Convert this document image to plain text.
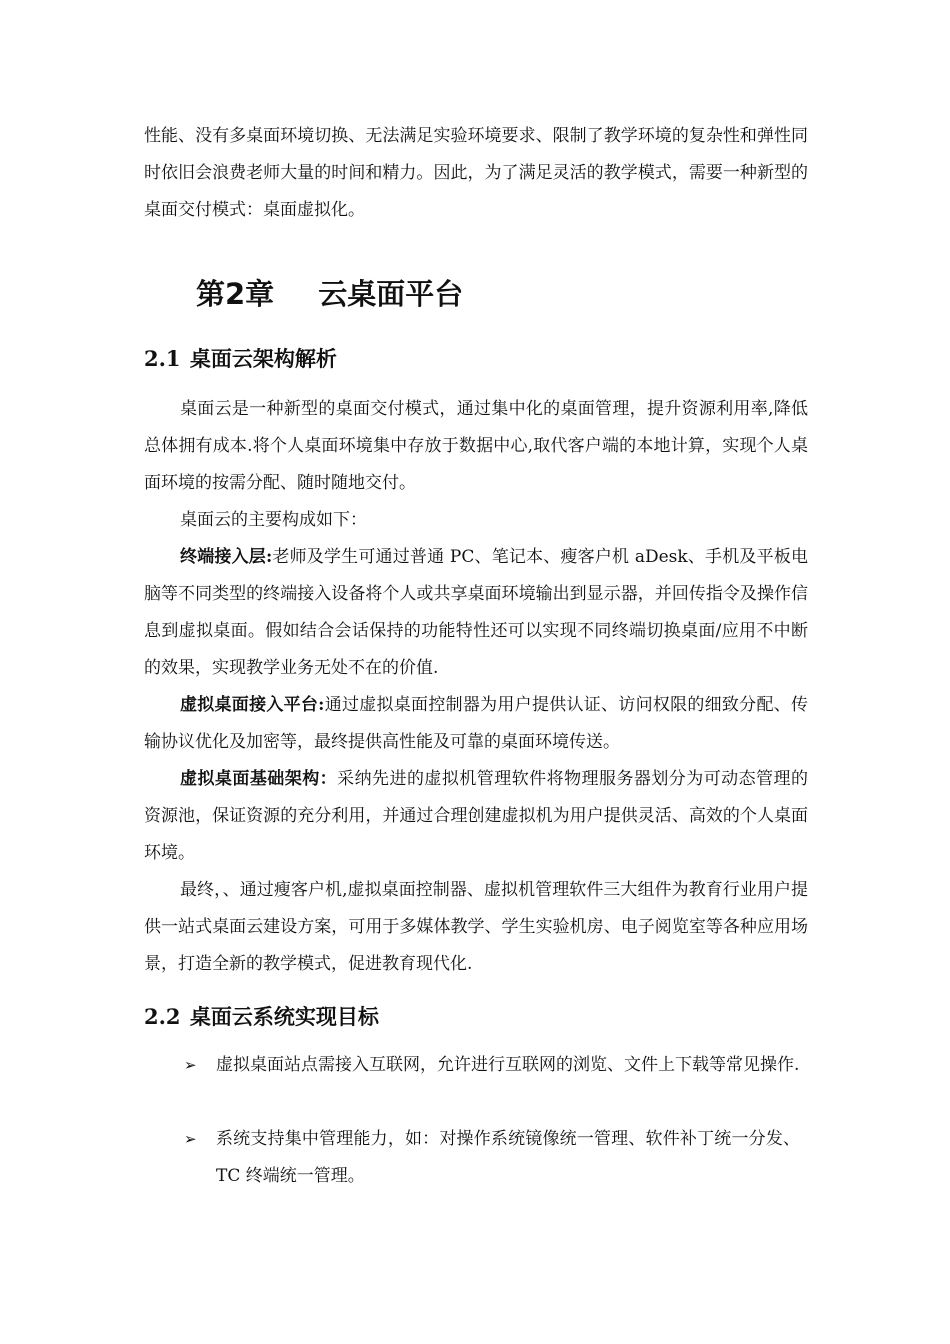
性能、没有多桌面环境切换、无法满足实验环境要求、限制了教学环境的复杂性和弹性同时依旧会浪费老师大量的时间和精力。因此，为了满足灵活的教学模式，需要一种新型的桌面交付模式：桌面虚拟化。

第2章 云桌面平台
2.1 桌面云架构解析

桌面云是一种新型的桌面交付模式，通过集中化的桌面管理，提升资源利用率,降低总体拥有成本.将个人桌面环境集中存放于数据中心,取代客户端的本地计算，实现个人桌面环境的按需分配、随时随地交付。

桌面云的主要构成如下：

终端接入层:老师及学生可通过普通 PC、笔记本、瘦客户机 aDesk、手机及平板电脑等不同类型的终端接入设备将个人或共享桌面环境输出到显示器，并回传指令及操作信息到虚拟桌面。假如结合会话保持的功能特性还可以实现不同终端切换桌面/应用不中断的效果，实现教学业务无处不在的价值.

虚拟桌面接入平台:通过虚拟桌面控制器为用户提供认证、访问权限的细致分配、传输协议优化及加密等，最终提供高性能及可靠的桌面环境传送。

虚拟桌面基础架构：采纳先进的虚拟机管理软件将物理服务器划分为可动态管理的资源池，保证资源的充分利用，并通过合理创建虚拟机为用户提供灵活、高效的个人桌面环境。

最终，、通过瘦客户机,虚拟桌面控制器、虚拟机管理软件三大组件为教育行业用户提供一站式桌面云建设方案，可用于多媒体教学、学生实验机房、电子阅览室等各种应用场景，打造全新的教学模式，促进教育现代化.

2.2 桌面云系统实现目标
➢ 虚拟桌面站点需接入互联网，允许进行互联网的浏览、文件上下载等常见操作.
➢ 系统支持集中管理能力，如：对操作系统镜像统一管理、软件补丁统一分发、TC 终端统一管理。
